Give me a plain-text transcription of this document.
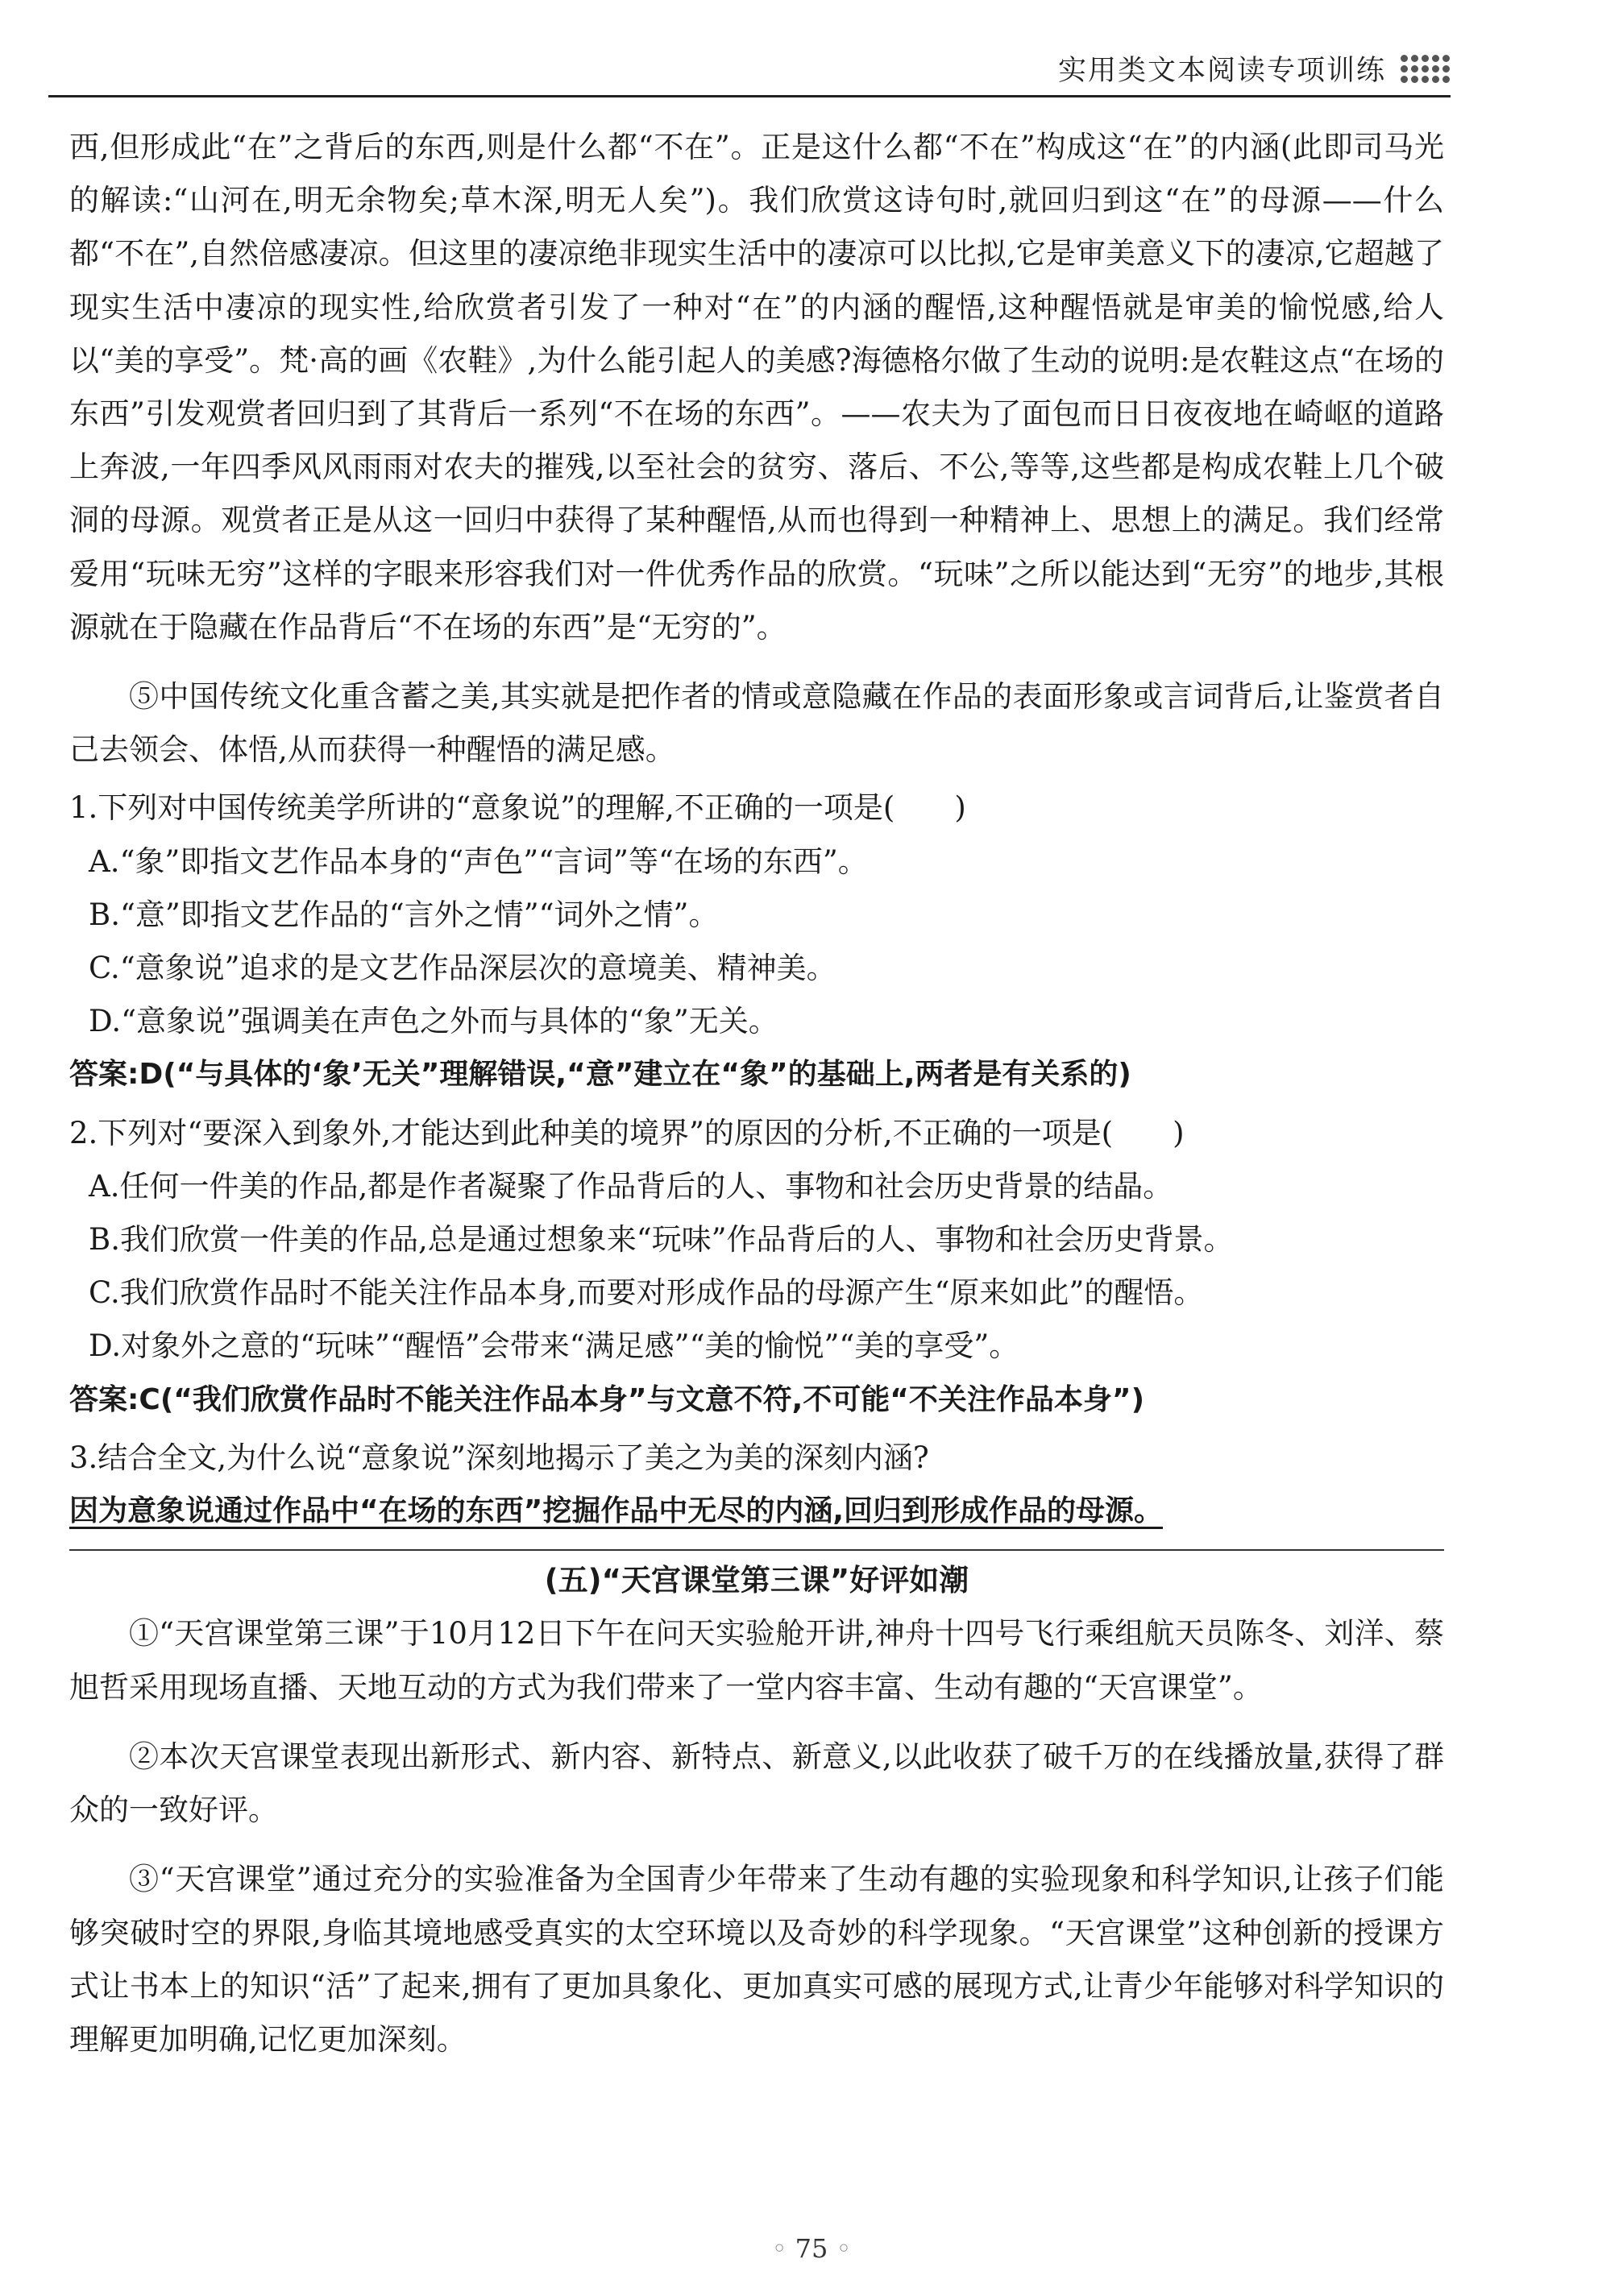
实用类文本阅读专项训练

西,但形成此“在”之背后的东西,则是什么都“不在”。正是这什么都“不在”构成这“在”的内涵(此即司马光的解读:“山河在,明无余物矣;草木深,明无人矣”)。我们欣赏这诗句时,就回归到这“在”的母源——什么都“不在”,自然倍感凄凉。但这里的凄凉绝非现实生活中的凄凉可以比拟,它是审美意义下的凄凉,它超越了现实生活中凄凉的现实性,给欣赏者引发了一种对“在”的内涵的醒悟,这种醒悟就是审美的愉悦感,给人以“美的享受”。梵·高的画《农鞋》,为什么能引起人的美感?海德格尔做了生动的说明:是农鞋这点“在场的东西”引发观赏者回归到了其背后一系列“不在场的东西”。——农夫为了面包而日日夜夜地在崎岖的道路上奔波,一年四季风风雨雨对农夫的摧残,以至社会的贫穷、落后、不公,等等,这些都是构成农鞋上几个破洞的母源。观赏者正是从这一回归中获得了某种醒悟,从而也得到一种精神上、思想上的满足。我们经常爱用“玩味无穷”这样的字眼来形容我们对一件优秀作品的欣赏。“玩味”之所以能达到“无穷”的地步,其根源就在于隐藏在作品背后“不在场的东西”是“无穷的”。

⑤中国传统文化重含蓄之美,其实就是把作者的情或意隐藏在作品的表面形象或言词背后,让鉴赏者自己去领会、体悟,从而获得一种醒悟的满足感。

1.下列对中国传统美学所讲的“意象说”的理解,不正确的一项是(　　)

A.“象”即指文艺作品本身的“声色”“言词”等“在场的东西”。

B.“意”即指文艺作品的“言外之情”“词外之情”。

C.“意象说”追求的是文艺作品深层次的意境美、精神美。

D.“意象说”强调美在声色之外而与具体的“象”无关。

答案:D(“与具体的‘象’无关”理解错误,“意”建立在“象”的基础上,两者是有关系的)

2.下列对“要深入到象外,才能达到此种美的境界”的原因的分析,不正确的一项是(　　)

A.任何一件美的作品,都是作者凝聚了作品背后的人、事物和社会历史背景的结晶。

B.我们欣赏一件美的作品,总是通过想象来“玩味”作品背后的人、事物和社会历史背景。

C.我们欣赏作品时不能关注作品本身,而要对形成作品的母源产生“原来如此”的醒悟。

D.对象外之意的“玩味”“醒悟”会带来“满足感”“美的愉悦”“美的享受”。

答案:C(“我们欣赏作品时不能关注作品本身”与文意不符,不可能“不关注作品本身”)

3.结合全文,为什么说“意象说”深刻地揭示了美之为美的深刻内涵?

因为意象说通过作品中“在场的东西”挖掘作品中无尽的内涵,回归到形成作品的母源。

(五)“天宫课堂第三课”好评如潮

①“天宫课堂第三课”于10月12日下午在问天实验舱开讲,神舟十四号飞行乘组航天员陈冬、刘洋、蔡旭哲采用现场直播、天地互动的方式为我们带来了一堂内容丰富、生动有趣的“天宫课堂”。

②本次天宫课堂表现出新形式、新内容、新特点、新意义,以此收获了破千万的在线播放量,获得了群众的一致好评。

③“天宫课堂”通过充分的实验准备为全国青少年带来了生动有趣的实验现象和科学知识,让孩子们能够突破时空的界限,身临其境地感受真实的太空环境以及奇妙的科学现象。“天宫课堂”这种创新的授课方式让书本上的知识“活”了起来,拥有了更加具象化、更加真实可感的展现方式,让青少年能够对科学知识的理解更加明确,记忆更加深刻。

◦ 75 ◦
